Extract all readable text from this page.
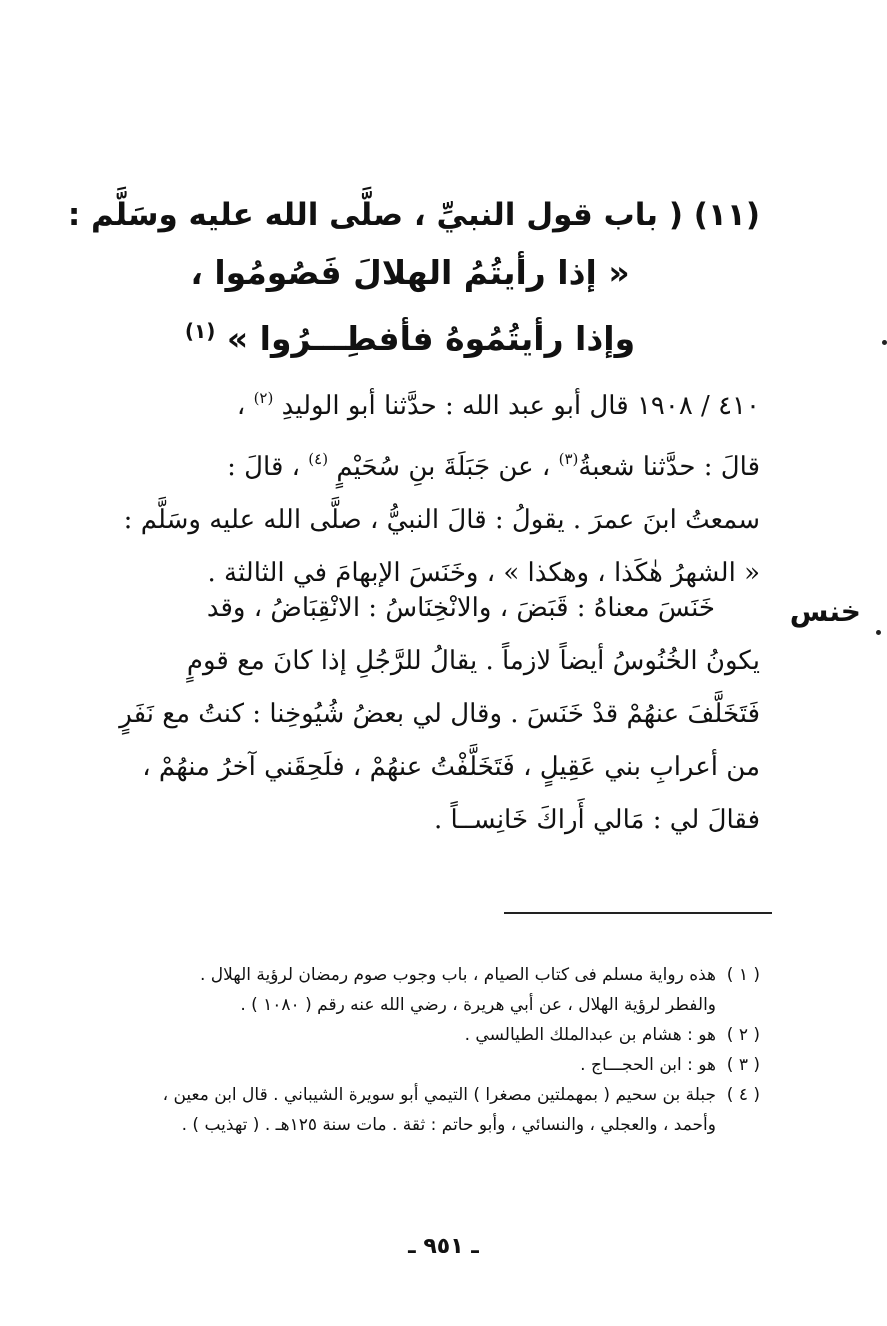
(١١) ( باب قول النبيِّ ، صلَّى الله عليه وسَلَّم :
« إذا رأيتُمُ الهلالَ فَصُومُوا ،
وإذا رأيتُمُوهُ فأفطِـــرُوا » $^{(١)}$
٤١٠ / ١٩٠٨ قال أبو عبد الله : حدَّثنا أبو الوليدِ $^{(٢)}$ ،
قالَ : حدَّثنا شعبةُ$^{(٣)}$ ، عن جَبَلَةَ بنِ سُحَيْمٍ $^{(٤)}$ ، قالَ :
سمعتُ ابنَ عمرَ . يقولُ : قالَ النبيُّ ، صلَّى الله عليه وسَلَّم :
« الشهرُ هٰكَذا ، وهكذا » ، وخَنَسَ الإبهامَ في الثالثة .
خنس
خَنَسَ معناهُ : قَبَضَ ، والانْخِنَاسُ : الانْقِبَاضُ ، وقد
يكونُ الخُنُوسُ أيضاً لازماً . يقالُ للرَّجُلِ إذا كانَ مع قومٍ
فَتَخَلَّفَ عنهُمْ قدْ خَنَسَ . وقال لي بعضُ شُيُوخِنا : كنتُ مع نَفَرٍ
من أعرابِ بني عَقِيلٍ ، فَتَخَلَّفْتُ عنهُمْ ، فلَحِقَني آخرُ منهُمْ ،
فقالَ لي : مَالي أَراكَ خَانِســاً .
( ١ )
هذه رواية مسلم فى كتاب الصيام ، باب وجوب صوم رمضان لرؤية الهلال .
والفطر لرؤية الهلال ، عن أبي هريرة ، رضي الله عنه رقم ( ١٠٨٠ ) .
( ٢ )
هو : هشام بن عبدالملك الطيالسي .
( ٣ )
هو : ابن الحجـــاج .
( ٤ )
جبلة بن سحيم ( بمهملتين مصغرا ) التيمي أبو سويرة الشيباني . قال ابن معين ،
وأحمد ، والعجلي ، والنسائي ، وأبو حاتم : ثقة . مات سنة ١٢٥هـ . ( تهذيب ) .
ـ ٩٥١ ـ
